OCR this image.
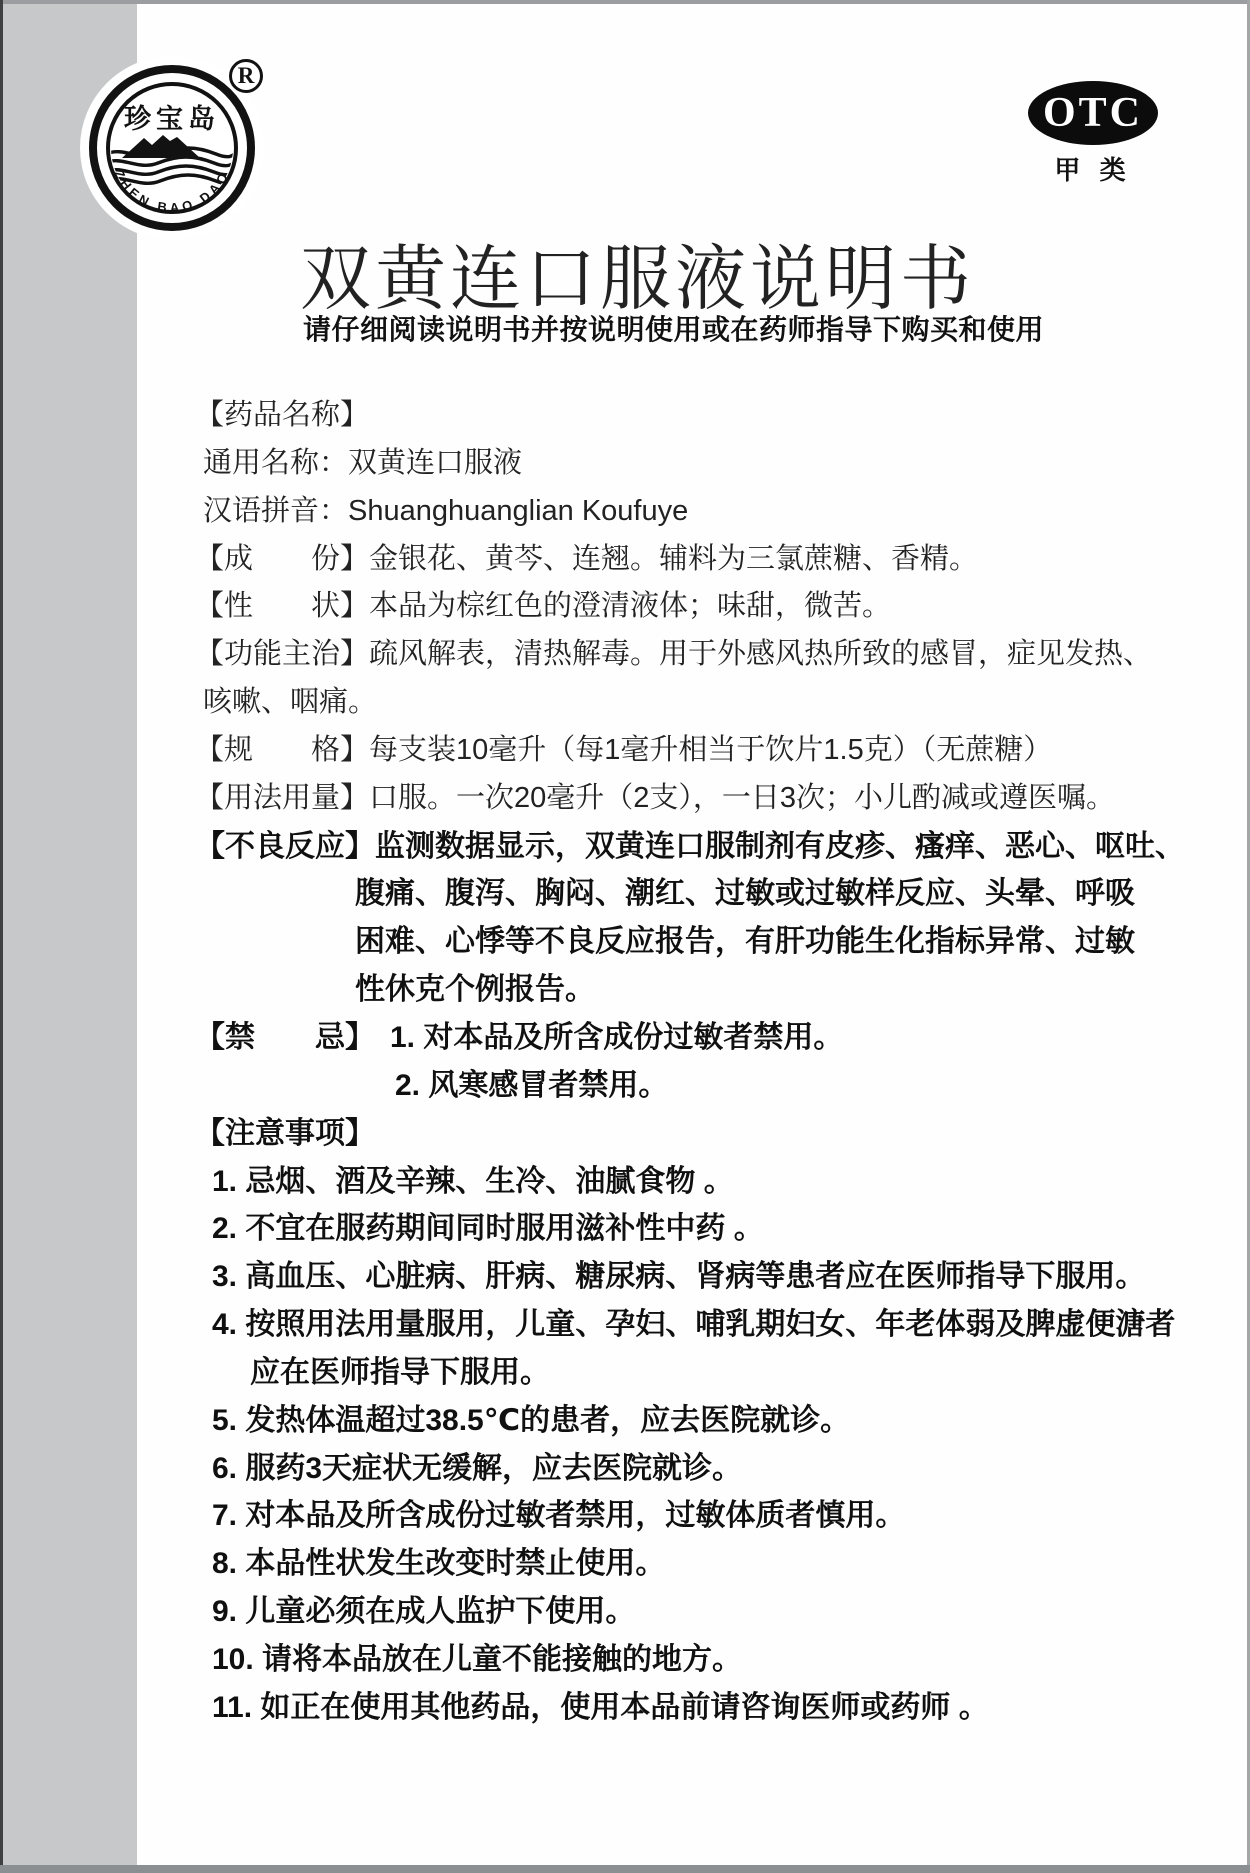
珍宝岛
ZHEN BAO DAO
R
OTC
甲 类
双黄连口服液说明书
请仔细阅读说明书并按说明使用或在药师指导下购买和使用
【药品名称】
通用名称：双黄连口服液
汉语拼音：Shuanghuanglian Koufuye
【成　　份】金银花、黄芩、连翘。辅料为三氯蔗糖、香精。
【性　　状】本品为棕红色的澄清液体；味甜，微苦。
【功能主治】疏风解表，清热解毒。用于外感风热所致的感冒，症见发热、
咳嗽、咽痛。
【规　　格】每支装10毫升（每1毫升相当于饮片1.5克）（无蔗糖）
【用法用量】口服。一次20毫升（2支），一日3次；小儿酌减或遵医嘱。
【不良反应】监测数据显示，双黄连口服制剂有皮疹、瘙痒、恶心、呕吐、
腹痛、腹泻、胸闷、潮红、过敏或过敏样反应、头晕、呼吸
困难、心悸等不良反应报告，有肝功能生化指标异常、过敏
性休克个例报告。
【禁　　忌】　1. 对本品及所含成份过敏者禁用。
2. 风寒感冒者禁用。
【注意事项】
1. 忌烟、酒及辛辣、生冷、油腻食物 。
2. 不宜在服药期间同时服用滋补性中药 。
3. 高血压、心脏病、肝病、糖尿病、肾病等患者应在医师指导下服用。
4. 按照用法用量服用，儿童、孕妇、哺乳期妇女、年老体弱及脾虚便溏者
应在医师指导下服用。
5. 发热体温超过38.5℃的患者，应去医院就诊。
6. 服药3天症状无缓解，应去医院就诊。
7. 对本品及所含成份过敏者禁用，过敏体质者慎用。
8. 本品性状发生改变时禁止使用。
9. 儿童必须在成人监护下使用。
10. 请将本品放在儿童不能接触的地方。
11. 如正在使用其他药品，使用本品前请咨询医师或药师 。
